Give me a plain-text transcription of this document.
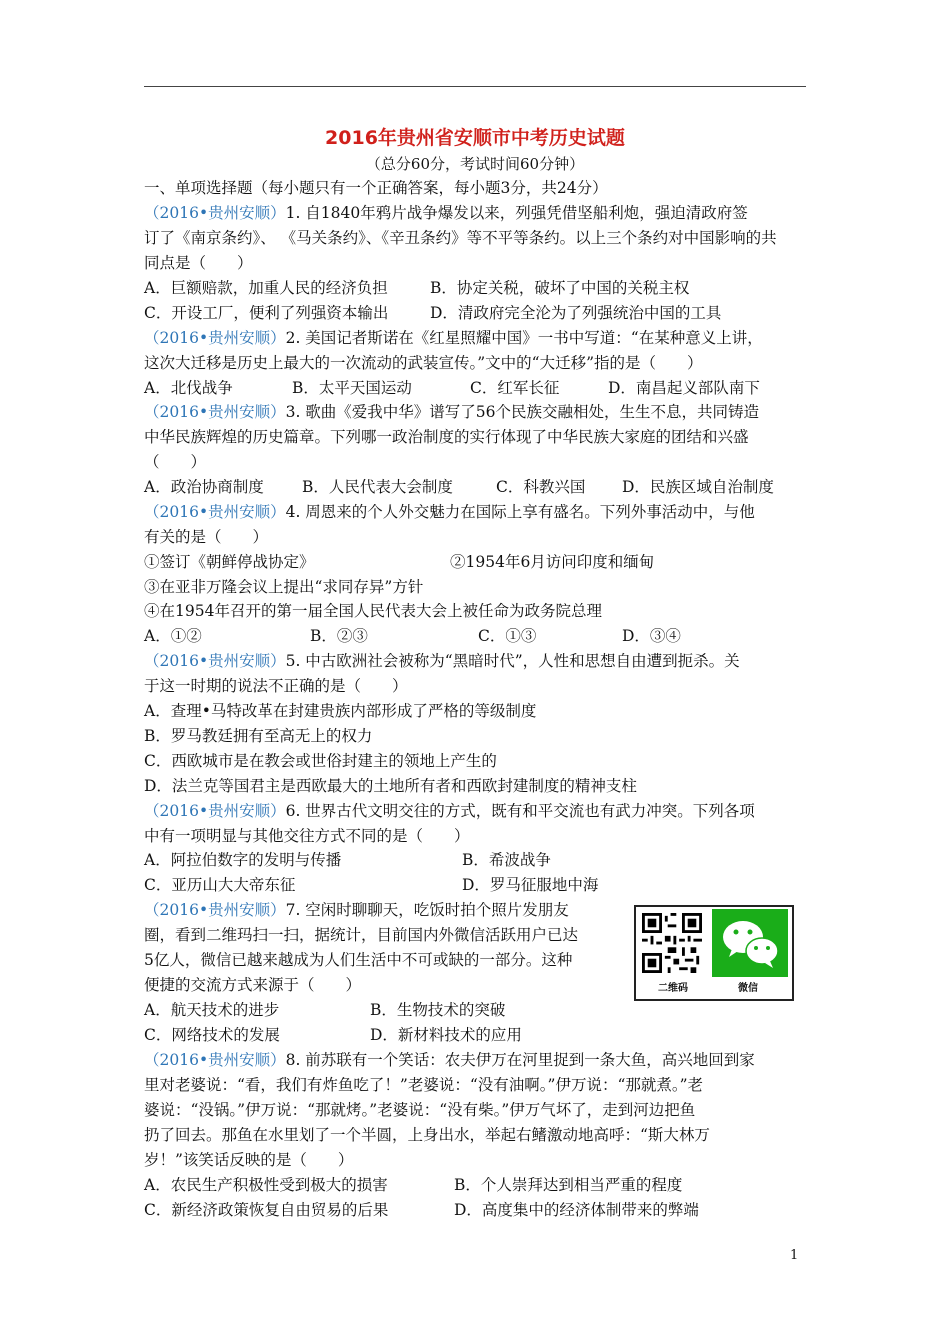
2016年贵州省安顺市中考历史试题
（总分60分，考试时间60分钟）
一、单项选择题（每小题只有一个正确答案，每小题3分，共24分）
（2016•贵州安顺）1. 自1840年鸦片战争爆发以来，列强凭借坚船利炮，强迫清政府签
订了《南京条约》、 《马关条约》、《辛丑条约》等不平等条约。以上三个条约对中国影响的共
同点是（　　）
A．巨额赔款，加重人民的经济负担	B．协定关税，破坏了中国的关税主权
C．开设工厂，便利了列强资本输出	D．清政府完全沦为了列强统治中国的工具
（2016•贵州安顺）2. 美国记者斯诺在《红星照耀中国》一书中写道：“在某种意义上讲，
这次大迁移是历史上最大的一次流动的武装宣传。”文中的“大迁移”指的是（　　）
A．北伐战争	B．太平天国运动	C．红军长征	D．南昌起义部队南下
（2016•贵州安顺）3. 歌曲《爱我中华》谱写了56个民族交融相处，生生不息，共同铸造
中华民族辉煌的历史篇章。下列哪一政治制度的实行体现了中华民族大家庭的团结和兴盛
（　　）
A．政治协商制度 B．人民代表大会制度	C．科教兴国 D．民族区域自治制度
（2016•贵州安顺）4. 周恩来的个人外交魅力在国际上享有盛名。下列外事活动中，与他
有关的是（　　）
①签订《朝鲜停战协定》	②1954年6月访问印度和缅甸
③在亚非万隆会议上提出“求同存异”方针
④在1954年召开的第一届全国人民代表大会上被任命为政务院总理
A．①②	B．②③	C．①③	D．③④
（2016•贵州安顺）5. 中古欧洲社会被称为“黑暗时代”，人性和思想自由遭到扼杀。关
于这一时期的说法不正确的是（　　）
A．查理•马特改革在封建贵族内部形成了严格的等级制度
B．罗马教廷拥有至高无上的权力
C．西欧城市是在教会或世俗封建主的领地上产生的
D．法兰克等国君主是西欧最大的土地所有者和西欧封建制度的精神支柱
（2016•贵州安顺）6. 世界古代文明交往的方式，既有和平交流也有武力冲突。下列各项
中有一项明显与其他交往方式不同的是（　　）
A．阿拉伯数字的发明与传播	B．希波战争
C．亚历山大大帝东征	D．罗马征服地中海
（2016•贵州安顺）7. 空闲时聊聊天，吃饭时拍个照片发朋友
圈，看到二维玛扫一扫，据统计，目前国内外微信活跃用户已达
5亿人，微信已越来越成为人们生活中不可或缺的一部分。这种
便捷的交流方式来源于（　　）
A．航天技术的进步	B．生物技术的突破
C．网络技术的发展	D．新材料技术的应用
二维码	微信
（2016•贵州安顺）8. 前苏联有一个笑话：农夫伊万在河里捉到一条大鱼，高兴地回到家
里对老婆说：“看，我们有炸鱼吃了！”老婆说：“没有油啊。”伊万说：“那就煮。”老
婆说：“没锅。”伊万说：“那就烤。”老婆说：“没有柴。”伊万气坏了，走到河边把鱼
扔了回去。那鱼在水里划了一个半圆，上身出水，举起右鳍激动地高呼：“斯大林万
岁！”该笑话反映的是（　　）
A．农民生产积极性受到极大的损害	B．个人崇拜达到相当严重的程度
C．新经济政策恢复自由贸易的后果	D．高度集中的经济体制带来的弊端
1
